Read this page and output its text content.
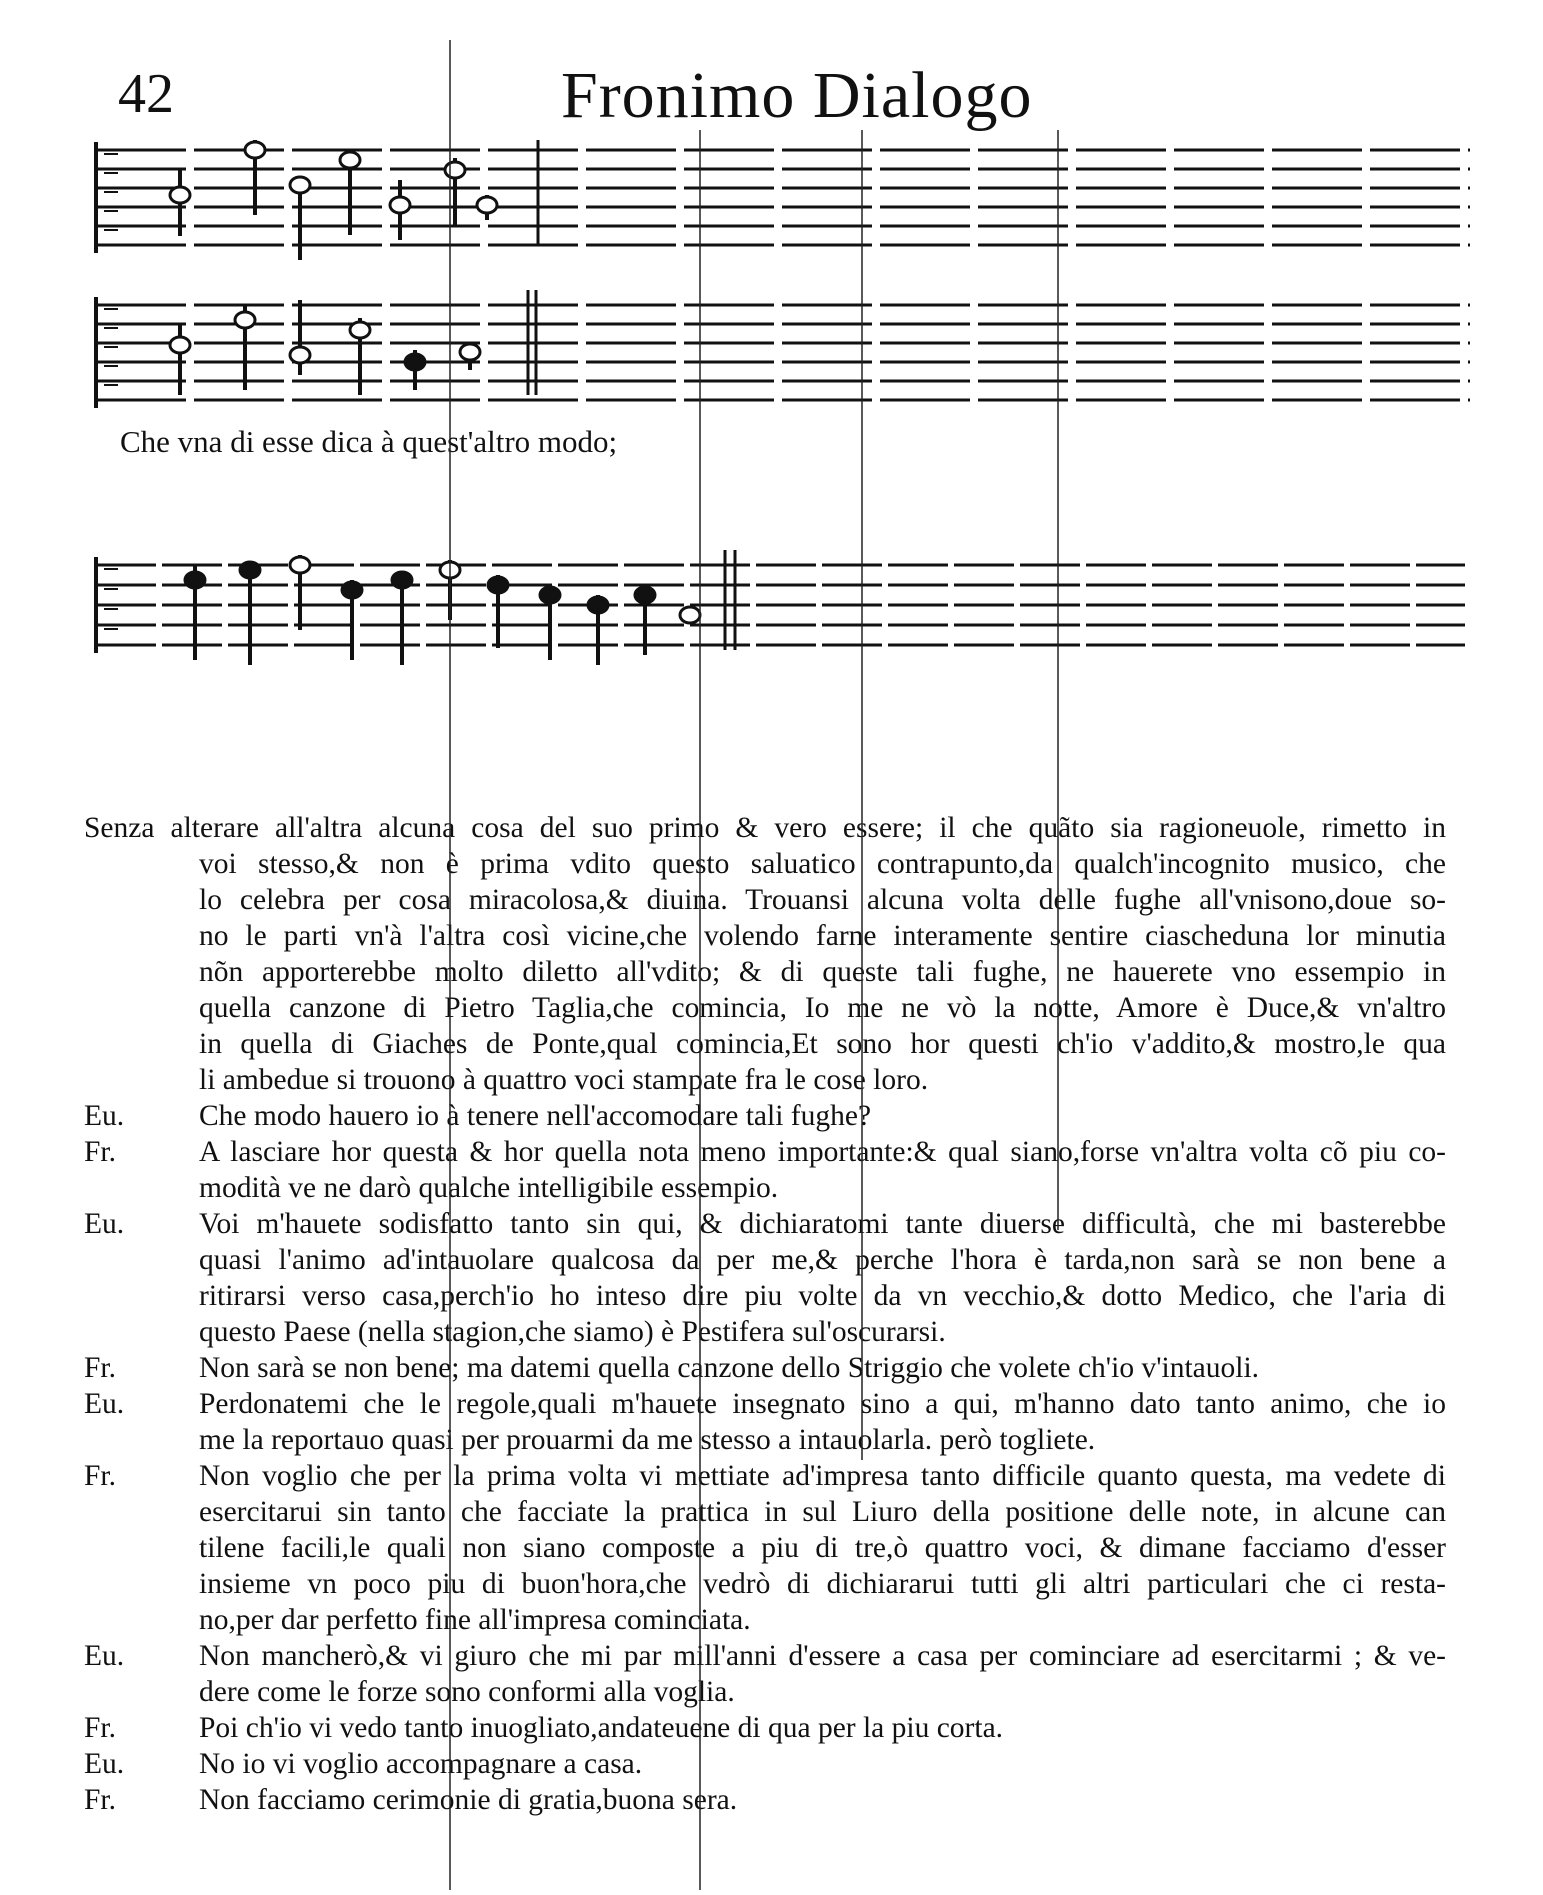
42	Fronimo Dialogo
Che vna di esse dica à quest'altro modo;
Senza alterare all'altra alcuna cosa del suo primo & vero essere; il che quãto sia ragioneuole, rimetto in
voi stesso,& non è prima vdito questo saluatico contrapunto,da qualch'incognito musico, che
lo celebra per cosa miracolosa,& diuina. Trouansi alcuna volta delle fughe all'vnisono,doue so-
no le parti vn'à l'altra così vicine,che volendo farne interamente sentire ciascheduna lor minutia
nõn apporterebbe molto diletto all'vdito; & di queste tali fughe, ne hauerete vno essempio in
quella canzone di Pietro Taglia,che comincia, Io me ne vò la notte, Amore è Duce,& vn'altro
in quella di Giaches de Ponte,qual comincia,Et sono hor questi ch'io v'addito,& mostro,le qua
li ambedue si trouono à quattro voci stampate fra le cose loro.
Eu.	Che modo hauero io à tenere nell'accomodare tali fughe?
Fr.	A lasciare hor questa & hor quella nota meno importante:& qual siano,forse vn'altra volta cõ piu co-
modità ve ne darò qualche intelligibile essempio.
Eu.	Voi m'hauete sodisfatto tanto sin qui, & dichiaratomi tante diuerse difficultà, che mi basterebbe
quasi l'animo ad'intauolare qualcosa da per me,& perche l'hora è tarda,non sarà se non bene a
ritirarsi verso casa,perch'io ho inteso dire piu volte da vn vecchio,& dotto Medico, che l'aria di
questo Paese (nella stagion,che siamo) è Pestifera sul'oscurarsi.
Fr.	Non sarà se non bene; ma datemi quella canzone dello Striggio che volete ch'io v'intauoli.
Eu.	Perdonatemi che le regole,quali m'hauete insegnato sino a qui, m'hanno dato tanto animo, che io
me la reportauo quasi per prouarmi da me stesso a intauolarla. però togliete.
Fr.	Non voglio che per la prima volta vi mettiate ad'impresa tanto difficile quanto questa, ma vedete di
esercitarui sin tanto che facciate la prattica in sul Liuro della positione delle note, in alcune can
tilene facili,le quali non siano composte a piu di tre,ò quattro voci, & dimane facciamo d'esser
insieme vn poco piu di buon'hora,che vedrò di dichiararui tutti gli altri particulari che ci resta-
no,per dar perfetto fine all'impresa cominciata.
Eu.	Non mancherò,& vi giuro che mi par mill'anni d'essere a casa per cominciare ad esercitarmi ; & ve-
dere come le forze sono conformi alla voglia.
Fr.	Poi ch'io vi vedo tanto inuogliato,andateuene di qua per la piu corta.
Eu.	No io vi voglio accompagnare a casa.
Fr.	Non facciamo cerimonie di gratia,buona sera.
